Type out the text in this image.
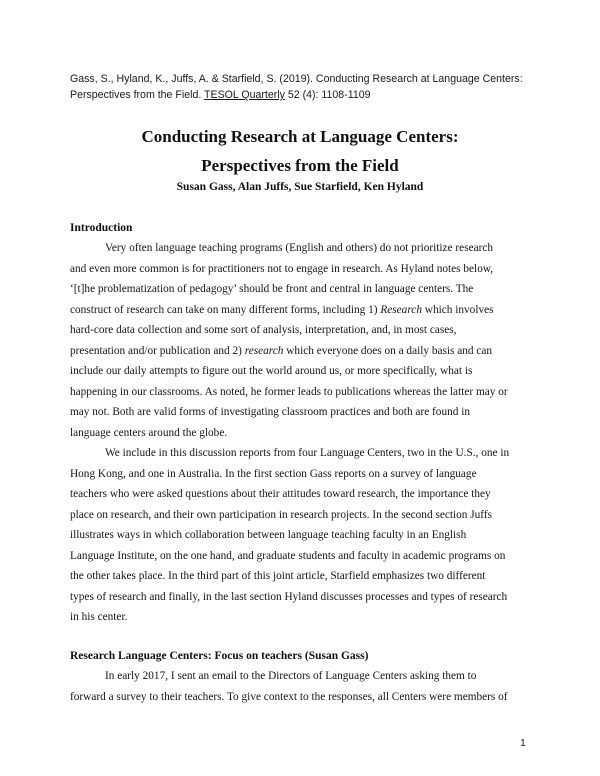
Gass, S., Hyland, K., Juffs, A. & Starfield, S. (2019). Conducting Research at Language Centers:
Perspectives from the Field. TESOL Quarterly 52 (4): 1108-1109
Conducting Research at Language Centers:
Perspectives from the Field
Susan Gass, Alan Juffs, Sue Starfield, Ken Hyland
Introduction
Very often language teaching programs (English and others) do not prioritize research
and even more common is for practitioners not to engage in research. As Hyland notes below,
‘[t]he problematization of pedagogy’ should be front and central in language centers. The
construct of research can take on many different forms, including 1) Research which involves
hard-core data collection and some sort of analysis, interpretation, and, in most cases,
presentation and/or publication and 2) research which everyone does on a daily basis and can
include our daily attempts to figure out the world around us, or more specifically, what is
happening in our classrooms. As noted, he former leads to publications whereas the latter may or
may not. Both are valid forms of investigating classroom practices and both are found in
language centers around the globe.
We include in this discussion reports from four Language Centers, two in the U.S., one in
Hong Kong, and one in Australia. In the first section Gass reports on a survey of language
teachers who were asked questions about their attitudes toward research, the importance they
place on research, and their own participation in research projects. In the second section Juffs
illustrates ways in which collaboration between language teaching faculty in an English
Language Institute, on the one hand, and graduate students and faculty in academic programs on
the other takes place. In the third part of this joint article, Starfield emphasizes two different
types of research and finally, in the last section Hyland discusses processes and types of research
in his center.
Research Language Centers: Focus on teachers (Susan Gass)
In early 2017, I sent an email to the Directors of Language Centers asking them to
forward a survey to their teachers. To give context to the responses, all Centers were members of
1
